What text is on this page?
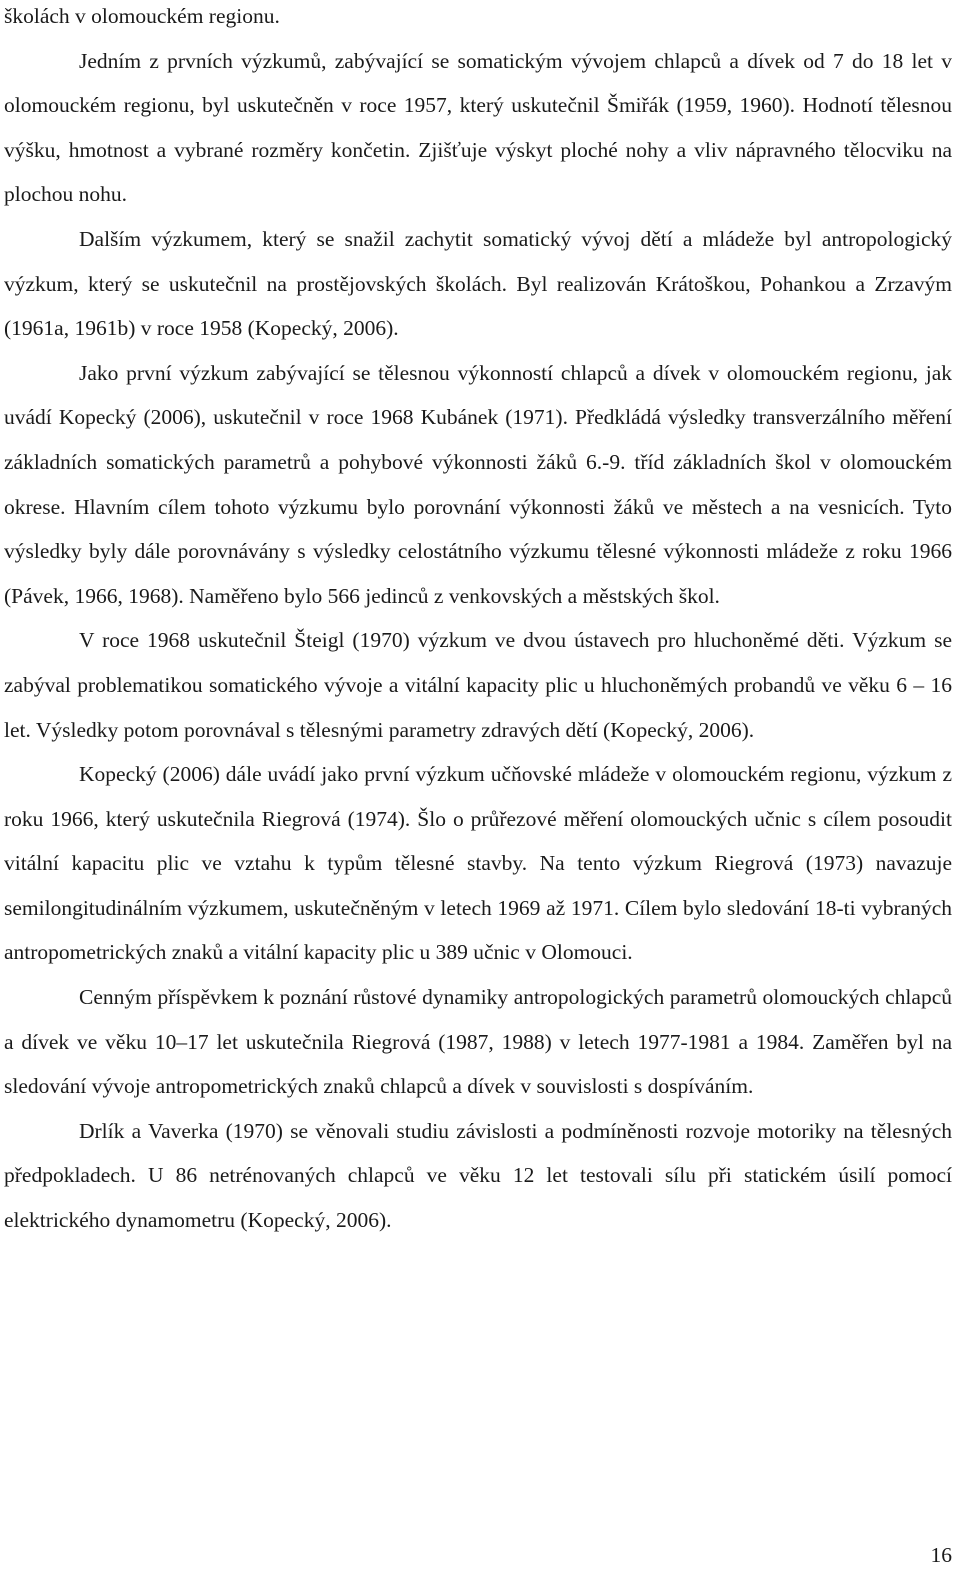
školách v olomouckém regionu.

Jedním z prvních výzkumů, zabývající se somatickým vývojem chlapců a dívek od 7 do 18 let v olomouckém regionu, byl uskutečněn v roce 1957, který uskutečnil Šmiřák (1959, 1960). Hodnotí tělesnou výšku, hmotnost a vybrané rozměry končetin. Zjišťuje výskyt ploché nohy a vliv nápravného tělocviku na plochou nohu.

Dalším výzkumem, který se snažil zachytit somatický vývoj dětí a mládeže byl antropologický výzkum, který se uskutečnil na prostějovských školách. Byl realizován Krátoškou, Pohankou a Zrzavým (1961a, 1961b) v roce 1958 (Kopecký, 2006).

Jako první výzkum zabývající se tělesnou výkonností chlapců a dívek v olomouckém regionu, jak uvádí Kopecký (2006), uskutečnil v roce 1968 Kubánek (1971). Předkládá výsledky transverzálního měření základních somatických parametrů a pohybové výkonnosti žáků 6.-9. tříd základních škol v olomouckém okrese. Hlavním cílem tohoto výzkumu bylo porovnání výkonnosti žáků ve městech a na vesnicích. Tyto výsledky byly dále porovnávány s výsledky celostátního výzkumu tělesné výkonnosti mládeže z roku 1966 (Pávek, 1966, 1968). Naměřeno bylo 566 jedinců z venkovských a městských škol.

V roce 1968 uskutečnil Šteigl (1970) výzkum ve dvou ústavech pro hluchoněmé děti. Výzkum se zabýval problematikou somatického vývoje a vitální kapacity plic u hluchoněmých probandů ve věku 6 – 16 let. Výsledky potom porovnával s tělesnými parametry zdravých dětí (Kopecký, 2006).

Kopecký (2006) dále uvádí jako první výzkum učňovské mládeže v olomouckém regionu, výzkum z roku 1966, který uskutečnila Riegrová (1974). Šlo o průřezové měření olomouckých učnic s cílem posoudit vitální kapacitu plic ve vztahu k typům tělesné stavby. Na tento výzkum Riegrová (1973) navazuje semilongitudinálním výzkumem, uskutečněným v letech 1969 až 1971. Cílem bylo sledování 18-ti vybraných antropometrických znaků a vitální kapacity plic u 389 učnic v Olomouci.

Cenným příspěvkem k poznání růstové dynamiky antropologických parametrů olomouckých chlapců a dívek ve věku 10–17 let uskutečnila Riegrová (1987, 1988) v letech 1977-1981 a 1984. Zaměřen byl na sledování vývoje antropometrických znaků chlapců a dívek v souvislosti s dospíváním.

Drlík a Vaverka (1970) se věnovali studiu závislosti a podmíněnosti rozvoje motoriky na tělesných předpokladech. U 86 netrénovaných chlapců ve věku 12 let testovali sílu při statickém úsilí pomocí elektrického dynamometru (Kopecký, 2006).

16
